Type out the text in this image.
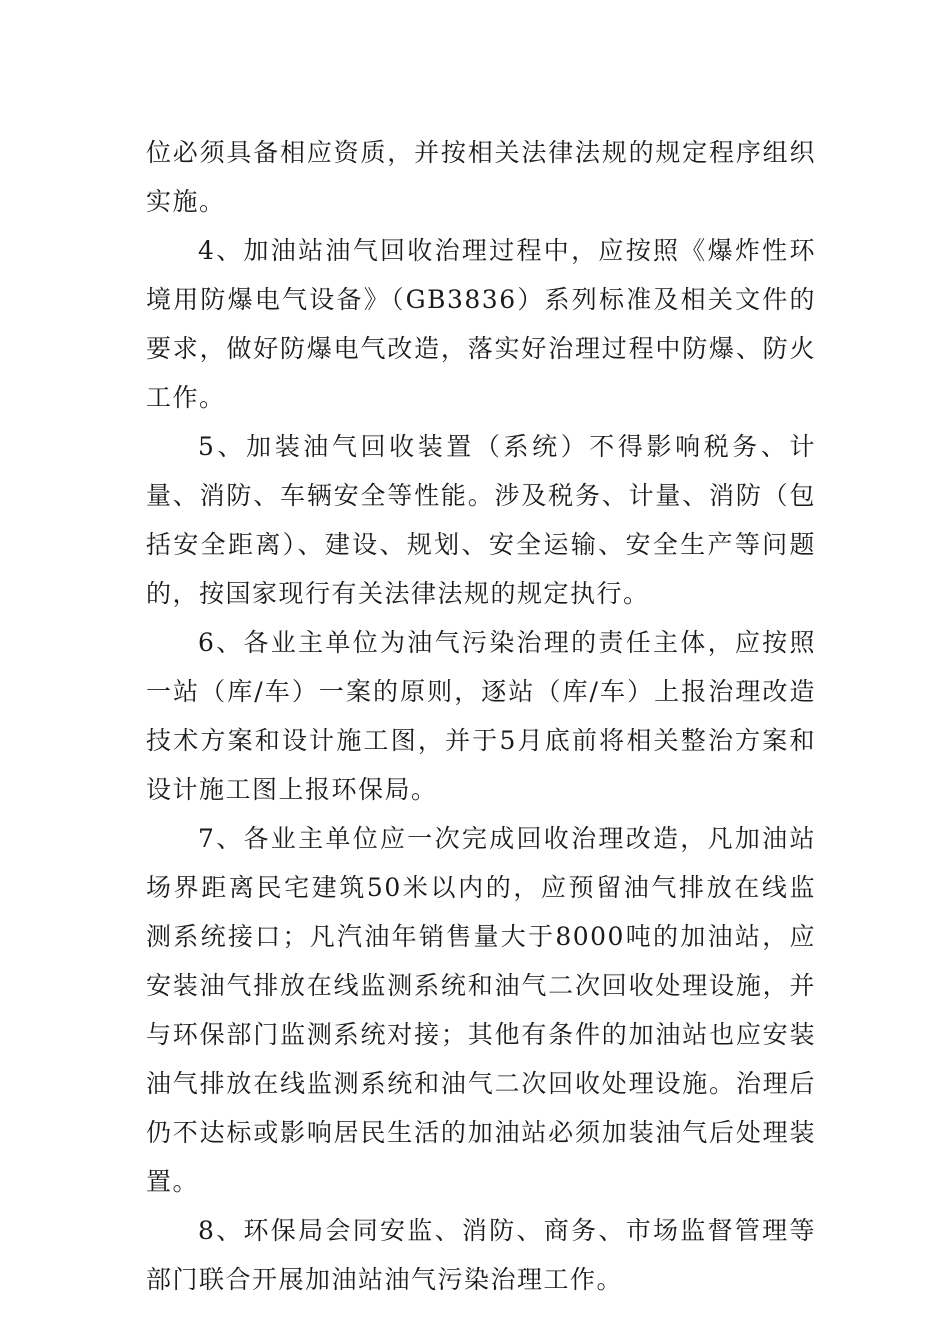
位必须具备相应资质，并按相关法律法规的规定程序组织实施。

4、加油站油气回收治理过程中，应按照《爆炸性环境用防爆电气设备》（GB3836）系列标准及相关文件的要求，做好防爆电气改造，落实好治理过程中防爆、防火工作。

5、加装油气回收装置（系统）不得影响税务、计量、消防、车辆安全等性能。涉及税务、计量、消防（包括安全距离）、建设、规划、安全运输、安全生产等问题的，按国家现行有关法律法规的规定执行。

6、各业主单位为油气污染治理的责任主体，应按照一站（库/车）一案的原则，逐站（库/车）上报治理改造技术方案和设计施工图，并于5月底前将相关整治方案和设计施工图上报环保局。

7、各业主单位应一次完成回收治理改造，凡加油站场界距离民宅建筑50米以内的，应预留油气排放在线监测系统接口；凡汽油年销售量大于8000吨的加油站，应安装油气排放在线监测系统和油气二次回收处理设施，并与环保部门监测系统对接；其他有条件的加油站也应安装油气排放在线监测系统和油气二次回收处理设施。治理后仍不达标或影响居民生活的加油站必须加装油气后处理装置。

8、环保局会同安监、消防、商务、市场监督管理等部门联合开展加油站油气污染治理工作。
